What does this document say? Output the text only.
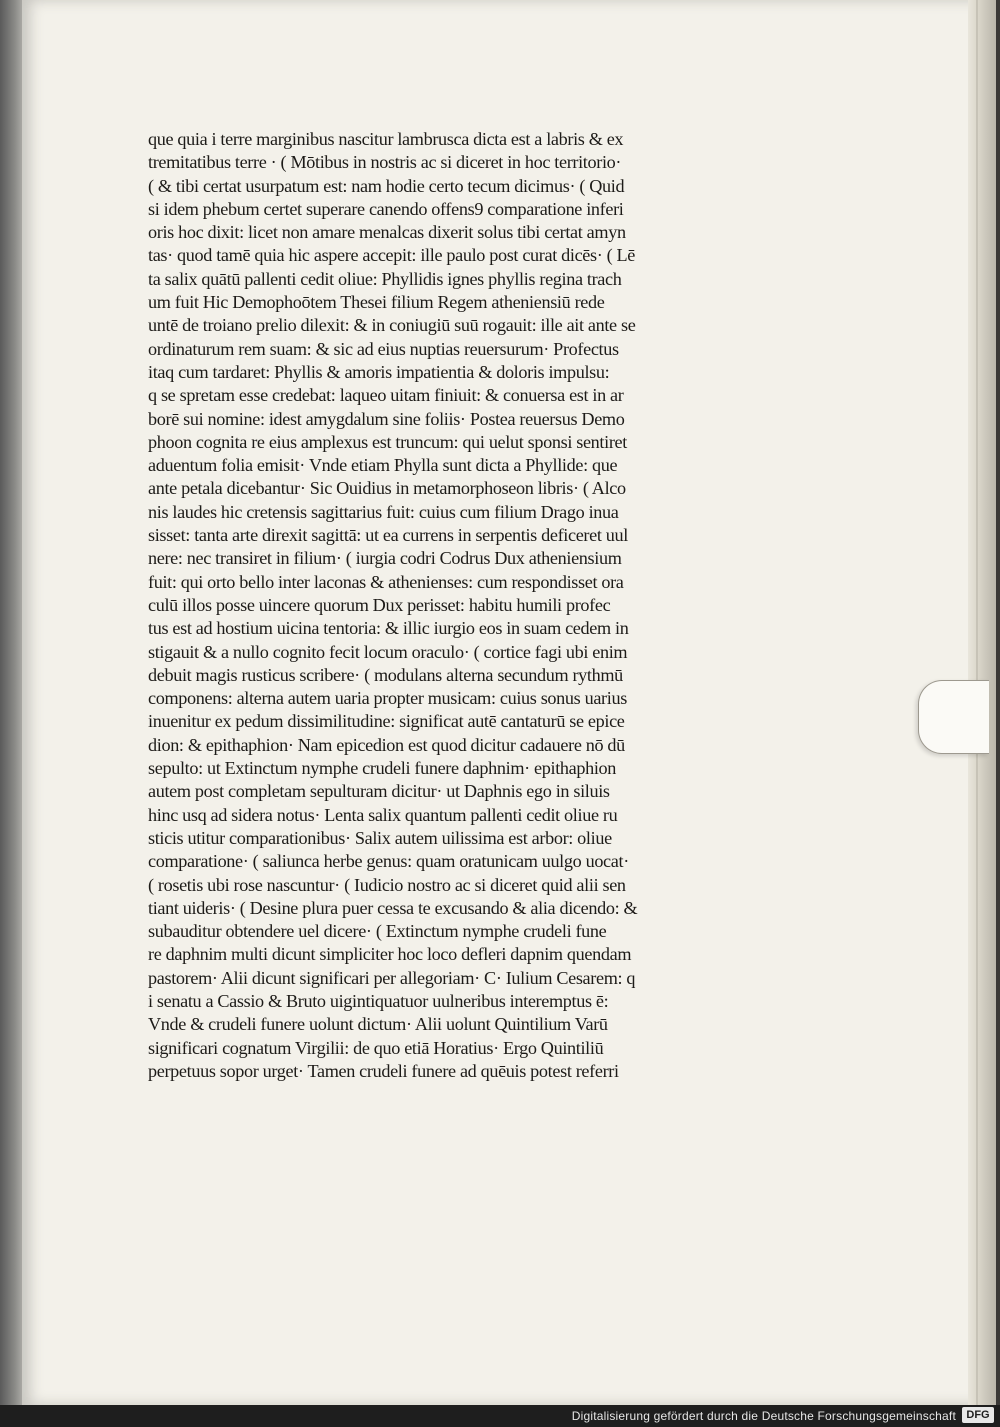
que quia i terre marginibus nascitur lambrusca dicta est a labris & ex
tremitatibus terre · ( Mōtibus in nostris ac si diceret in hoc territorio·
( & tibi certat usurpatum est: nam hodie certo tecum dicimus· ( Quid
si idem phebum certet superare canendo offens9 comparatione inferi
oris hoc dixit: licet non amare menalcas dixerit solus tibi certat amyn
tas· quod tamē quia hic aspere accepit: ille paulo post curat dicēs· ( Lē
ta salix quātū pallenti cedit oliue: Phyllidis ignes phyllis regina trach
um fuit Hic Demophoōtem Thesei filium Regem atheniensiū rede
untē de troiano prelio dilexit: & in coniugiū suū rogauit: ille ait ante se
ordinaturum rem suam: & sic ad eius nuptias reuersurum· Profectus
itaq cum tardaret: Phyllis & amoris impatientia & doloris impulsu:
q se spretam esse credebat: laqueo uitam finiuit: & conuersa est in ar
borē sui nomine: idest amygdalum sine foliis· Postea reuersus Demo
phoon cognita re eius amplexus est truncum: qui uelut sponsi sentiret
aduentum folia emisit· Vnde etiam Phylla sunt dicta a Phyllide: que
ante petala dicebantur· Sic Ouidius in metamorphoseon libris· ( Alco
nis laudes hic cretensis sagittarius fuit: cuius cum filium Drago inua
sisset: tanta arte direxit sagittā: ut ea currens in serpentis deficeret uul
nere: nec transiret in filium· ( iurgia codri Codrus Dux atheniensium
fuit: qui orto bello inter laconas & athenienses: cum respondisset ora
culū illos posse uincere quorum Dux perisset: habitu humili profec
tus est ad hostium uicina tentoria: & illic iurgio eos in suam cedem in
stigauit & a nullo cognito fecit locum oraculo· ( cortice fagi ubi enim
debuit magis rusticus scribere· ( modulans alterna secundum rythmū
componens: alterna autem uaria propter musicam: cuius sonus uarius
inuenitur ex pedum dissimilitudine: significat autē cantaturū se epice
dion: & epithaphion· Nam epicedion est quod dicitur cadauere nō dū
sepulto: ut Extinctum nymphe crudeli funere daphnim· epithaphion
autem post completam sepulturam dicitur· ut Daphnis ego in siluis
hinc usq ad sidera notus· Lenta salix quantum pallenti cedit oliue ru
sticis utitur comparationibus· Salix autem uilissima est arbor: oliue
comparatione· ( saliunca herbe genus: quam oratunicam uulgo uocat·
( rosetis ubi rose nascuntur· ( Iudicio nostro ac si diceret quid alii sen
tiant uideris· ( Desine plura puer cessa te excusando & alia dicendo: &
subauditur obtendere uel dicere· ( Extinctum nymphe crudeli fune
re daphnim multi dicunt simpliciter hoc loco defleri dapnim quendam
pastorem· Alii dicunt significari per allegoriam· C· Iulium Cesarem: q
i senatu a Cassio & Bruto uigintiquatuor uulneribus interemptus ē:
Vnde & crudeli funere uolunt dictum· Alii uolunt Quintilium Varū
significari cognatum Virgilii: de quo etiā Horatius· Ergo Quintiliū
perpetuus sopor urget· Tamen crudeli funere ad quēuis potest referri
Digitalisierung gefördert durch die Deutsche Forschungsgemeinschaft DFG
